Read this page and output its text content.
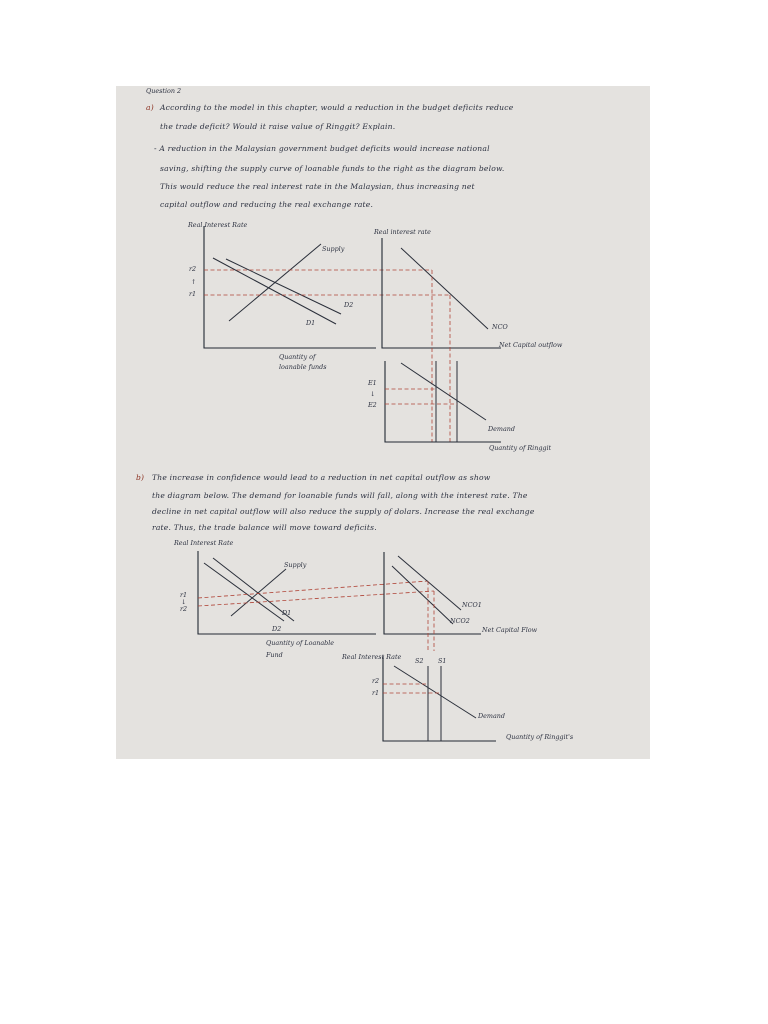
Question 2
a) According to the model in this chapter, would a reduction in the budget deficits reduce
the trade deficit? Would it raise value of Ringgit? Explain.
- A reduction in the Malaysian government budget deficits would increase national
saving, shifting the supply curve of loanable funds to the right as the diagram below.
This would reduce the real interest rate in the Malaysian, thus increasing net
capital outflow and reducing the real exchange rate.
Real Interest Rate
Supply
D2
D1
r2
↑
r1
Quantity of
loanable funds
Real interest rate
NCO
Net Capital outflow
E1
↓
E2
Demand
Quantity of Ringgit
b) The increase in confidence would lead to a reduction in net capital outflow as show
the diagram below. The demand for loanable funds will fall, along with the interest rate. The
decline in net capital outflow will also reduce the supply of dolars. Increase the real exchange
rate. Thus, the trade balance will move toward deficits.
Real Interest Rate
Supply
D1
D2
r1
↓
r2
Quantity of Loanable
Fund
NCO1
NCO2
Net Capital Flow
Real Interest Rate S2 S1
r2
r1
Demand
Quantity of Ringgit's
